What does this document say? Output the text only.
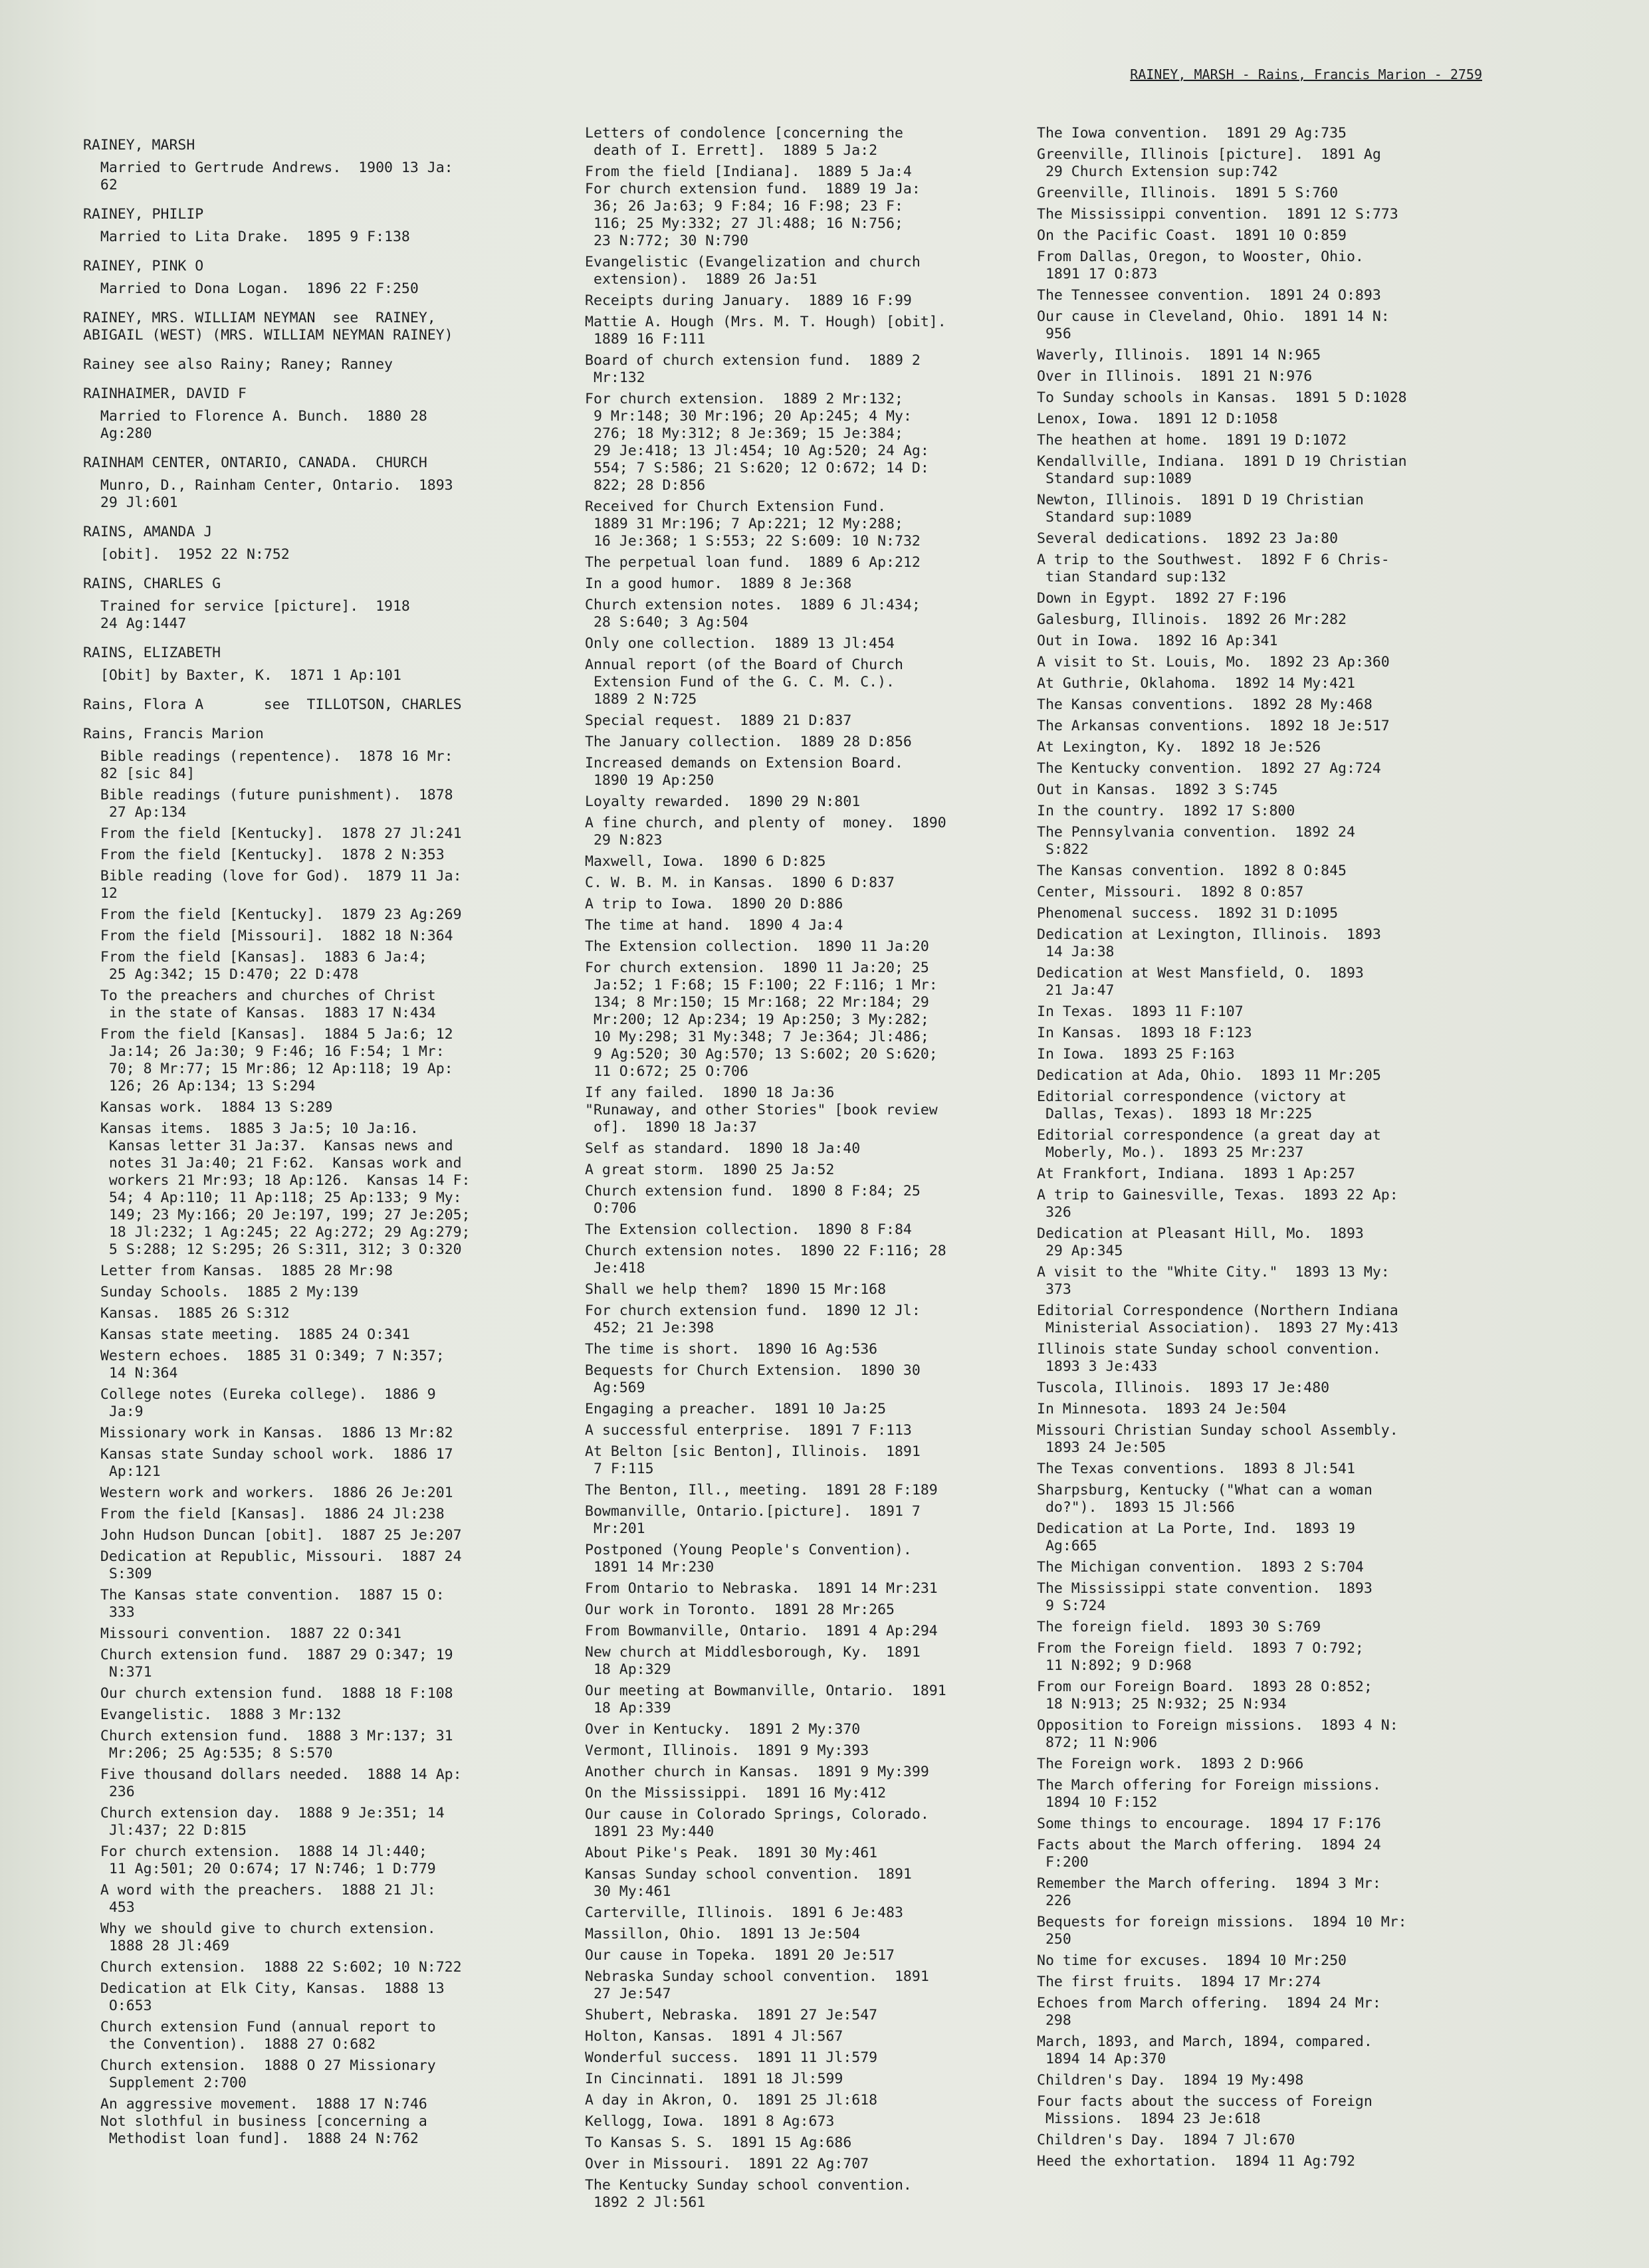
RAINEY, MARSH - Rains, Francis Marion - 2759
RAINEY, MARSH
Married to Gertrude Andrews.  1900 13 Ja:
62
RAINEY, PHILIP
Married to Lita Drake.  1895 9 F:138
RAINEY, PINK O
Married to Dona Logan.  1896 22 F:250
RAINEY, MRS. WILLIAM NEYMAN  see  RAINEY,
ABIGAIL (WEST) (MRS. WILLIAM NEYMAN RAINEY)
Rainey see also Rainy; Raney; Ranney
RAINHAIMER, DAVID F
Married to Florence A. Bunch.  1880 28
Ag:280
RAINHAM CENTER, ONTARIO, CANADA.  CHURCH
Munro, D., Rainham Center, Ontario.  1893
29 Jl:601
RAINS, AMANDA J
[obit].  1952 22 N:752
RAINS, CHARLES G
Trained for service [picture].  1918
24 Ag:1447
RAINS, ELIZABETH
[Obit] by Baxter, K.  1871 1 Ap:101
Rains, Flora A       see  TILLOTSON, CHARLES
Rains, Francis Marion
Bible readings (repentence).  1878 16 Mr:
82 [sic 84]
Bible readings (future punishment).  1878
27 Ap:134
From the field [Kentucky].  1878 27 Jl:241
From the field [Kentucky].  1878 2 N:353
Bible reading (love for God).  1879 11 Ja:
12
From the field [Kentucky].  1879 23 Ag:269
From the field [Missouri].  1882 18 N:364
From the field [Kansas].  1883 6 Ja:4;
25 Ag:342; 15 D:470; 22 D:478
To the preachers and churches of Christ
in the state of Kansas.  1883 17 N:434
From the field [Kansas].  1884 5 Ja:6; 12
Ja:14; 26 Ja:30; 9 F:46; 16 F:54; 1 Mr:
70; 8 Mr:77; 15 Mr:86; 12 Ap:118; 19 Ap:
126; 26 Ap:134; 13 S:294
Kansas work.  1884 13 S:289
Kansas items.  1885 3 Ja:5; 10 Ja:16.
Kansas letter 31 Ja:37.  Kansas news and
notes 31 Ja:40; 21 F:62.  Kansas work and
workers 21 Mr:93; 18 Ap:126.  Kansas 14 F:
54; 4 Ap:110; 11 Ap:118; 25 Ap:133; 9 My:
149; 23 My:166; 20 Je:197, 199; 27 Je:205;
18 Jl:232; 1 Ag:245; 22 Ag:272; 29 Ag:279;
5 S:288; 12 S:295; 26 S:311, 312; 3 O:320
Letter from Kansas.  1885 28 Mr:98
Sunday Schools.  1885 2 My:139
Kansas.  1885 26 S:312
Kansas state meeting.  1885 24 O:341
Western echoes.  1885 31 O:349; 7 N:357;
14 N:364
College notes (Eureka college).  1886 9
Ja:9
Missionary work in Kansas.  1886 13 Mr:82
Kansas state Sunday school work.  1886 17
Ap:121
Western work and workers.  1886 26 Je:201
From the field [Kansas].  1886 24 Jl:238
John Hudson Duncan [obit].  1887 25 Je:207
Dedication at Republic, Missouri.  1887 24
S:309
The Kansas state convention.  1887 15 O:
333
Missouri convention.  1887 22 O:341
Church extension fund.  1887 29 O:347; 19
N:371
Our church extension fund.  1888 18 F:108
Evangelistic.  1888 3 Mr:132
Church extension fund.  1888 3 Mr:137; 31
Mr:206; 25 Ag:535; 8 S:570
Five thousand dollars needed.  1888 14 Ap:
236
Church extension day.  1888 9 Je:351; 14
Jl:437; 22 D:815
For church extension.  1888 14 Jl:440;
11 Ag:501; 20 O:674; 17 N:746; 1 D:779
A word with the preachers.  1888 21 Jl:
453
Why we should give to church extension.
1888 28 Jl:469
Church extension.  1888 22 S:602; 10 N:722
Dedication at Elk City, Kansas.  1888 13
O:653
Church extension Fund (annual report to
the Convention).  1888 27 O:682
Church extension.  1888 O 27 Missionary
Supplement 2:700
An aggressive movement.  1888 17 N:746
Not slothful in business [concerning a
Methodist loan fund].  1888 24 N:762
Letters of condolence [concerning the
death of I. Errett].  1889 5 Ja:2
From the field [Indiana].  1889 5 Ja:4
For church extension fund.  1889 19 Ja:
36; 26 Ja:63; 9 F:84; 16 F:98; 23 F:
116; 25 My:332; 27 Jl:488; 16 N:756;
23 N:772; 30 N:790
Evangelistic (Evangelization and church
extension).  1889 26 Ja:51
Receipts during January.  1889 16 F:99
Mattie A. Hough (Mrs. M. T. Hough) [obit].
1889 16 F:111
Board of church extension fund.  1889 2
Mr:132
For church extension.  1889 2 Mr:132;
9 Mr:148; 30 Mr:196; 20 Ap:245; 4 My:
276; 18 My:312; 8 Je:369; 15 Je:384;
29 Je:418; 13 Jl:454; 10 Ag:520; 24 Ag:
554; 7 S:586; 21 S:620; 12 O:672; 14 D:
822; 28 D:856
Received for Church Extension Fund.
1889 31 Mr:196; 7 Ap:221; 12 My:288;
16 Je:368; 1 S:553; 22 S:609: 10 N:732
The perpetual loan fund.  1889 6 Ap:212
In a good humor.  1889 8 Je:368
Church extension notes.  1889 6 Jl:434;
28 S:640; 3 Ag:504
Only one collection.  1889 13 Jl:454
Annual report (of the Board of Church
Extension Fund of the G. C. M. C.).
1889 2 N:725
Special request.  1889 21 D:837
The January collection.  1889 28 D:856
Increased demands on Extension Board.
1890 19 Ap:250
Loyalty rewarded.  1890 29 N:801
A fine church, and plenty of  money.  1890
29 N:823
Maxwell, Iowa.  1890 6 D:825
C. W. B. M. in Kansas.  1890 6 D:837
A trip to Iowa.  1890 20 D:886
The time at hand.  1890 4 Ja:4
The Extension collection.  1890 11 Ja:20
For church extension.  1890 11 Ja:20; 25
Ja:52; 1 F:68; 15 F:100; 22 F:116; 1 Mr:
134; 8 Mr:150; 15 Mr:168; 22 Mr:184; 29
Mr:200; 12 Ap:234; 19 Ap:250; 3 My:282;
10 My:298; 31 My:348; 7 Je:364; Jl:486;
9 Ag:520; 30 Ag:570; 13 S:602; 20 S:620;
11 O:672; 25 O:706
If any failed.  1890 18 Ja:36
"Runaway, and other Stories" [book review
of].  1890 18 Ja:37
Self as standard.  1890 18 Ja:40
A great storm.  1890 25 Ja:52
Church extension fund.  1890 8 F:84; 25
O:706
The Extension collection.  1890 8 F:84
Church extension notes.  1890 22 F:116; 28
Je:418
Shall we help them?  1890 15 Mr:168
For church extension fund.  1890 12 Jl:
452; 21 Je:398
The time is short.  1890 16 Ag:536
Bequests for Church Extension.  1890 30
Ag:569
Engaging a preacher.  1891 10 Ja:25
A successful enterprise.  1891 7 F:113
At Belton [sic Benton], Illinois.  1891
7 F:115
The Benton, Ill., meeting.  1891 28 F:189
Bowmanville, Ontario.[picture].  1891 7
Mr:201
Postponed (Young People's Convention).
1891 14 Mr:230
From Ontario to Nebraska.  1891 14 Mr:231
Our work in Toronto.  1891 28 Mr:265
From Bowmanville, Ontario.  1891 4 Ap:294
New church at Middlesborough, Ky.  1891
18 Ap:329
Our meeting at Bowmanville, Ontario.  1891
18 Ap:339
Over in Kentucky.  1891 2 My:370
Vermont, Illinois.  1891 9 My:393
Another church in Kansas.  1891 9 My:399
On the Mississippi.  1891 16 My:412
Our cause in Colorado Springs, Colorado.
1891 23 My:440
About Pike's Peak.  1891 30 My:461
Kansas Sunday school convention.  1891
30 My:461
Carterville, Illinois.  1891 6 Je:483
Massillon, Ohio.  1891 13 Je:504
Our cause in Topeka.  1891 20 Je:517
Nebraska Sunday school convention.  1891
27 Je:547
Shubert, Nebraska.  1891 27 Je:547
Holton, Kansas.  1891 4 Jl:567
Wonderful success.  1891 11 Jl:579
In Cincinnati.  1891 18 Jl:599
A day in Akron, O.  1891 25 Jl:618
Kellogg, Iowa.  1891 8 Ag:673
To Kansas S. S.  1891 15 Ag:686
Over in Missouri.  1891 22 Ag:707
The Kentucky Sunday school convention.
1892 2 Jl:561
The Iowa convention.  1891 29 Ag:735
Greenville, Illinois [picture].  1891 Ag
29 Church Extension sup:742
Greenville, Illinois.  1891 5 S:760
The Mississippi convention.  1891 12 S:773
On the Pacific Coast.  1891 10 O:859
From Dallas, Oregon, to Wooster, Ohio.
1891 17 O:873
The Tennessee convention.  1891 24 O:893
Our cause in Cleveland, Ohio.  1891 14 N:
956
Waverly, Illinois.  1891 14 N:965
Over in Illinois.  1891 21 N:976
To Sunday schools in Kansas.  1891 5 D:1028
Lenox, Iowa.  1891 12 D:1058
The heathen at home.  1891 19 D:1072
Kendallville, Indiana.  1891 D 19 Christian
Standard sup:1089
Newton, Illinois.  1891 D 19 Christian
Standard sup:1089
Several dedications.  1892 23 Ja:80
A trip to the Southwest.  1892 F 6 Chris-
tian Standard sup:132
Down in Egypt.  1892 27 F:196
Galesburg, Illinois.  1892 26 Mr:282
Out in Iowa.  1892 16 Ap:341
A visit to St. Louis, Mo.  1892 23 Ap:360
At Guthrie, Oklahoma.  1892 14 My:421
The Kansas conventions.  1892 28 My:468
The Arkansas conventions.  1892 18 Je:517
At Lexington, Ky.  1892 18 Je:526
The Kentucky convention.  1892 27 Ag:724
Out in Kansas.  1892 3 S:745
In the country.  1892 17 S:800
The Pennsylvania convention.  1892 24
S:822
The Kansas convention.  1892 8 O:845
Center, Missouri.  1892 8 O:857
Phenomenal success.  1892 31 D:1095
Dedication at Lexington, Illinois.  1893
14 Ja:38
Dedication at West Mansfield, O.  1893
21 Ja:47
In Texas.  1893 11 F:107
In Kansas.  1893 18 F:123
In Iowa.  1893 25 F:163
Dedication at Ada, Ohio.  1893 11 Mr:205
Editorial correspondence (victory at
Dallas, Texas).  1893 18 Mr:225
Editorial correspondence (a great day at
Moberly, Mo.).  1893 25 Mr:237
At Frankfort, Indiana.  1893 1 Ap:257
A trip to Gainesville, Texas.  1893 22 Ap:
326
Dedication at Pleasant Hill, Mo.  1893
29 Ap:345
A visit to the "White City."  1893 13 My:
373
Editorial Correspondence (Northern Indiana
Ministerial Association).  1893 27 My:413
Illinois state Sunday school convention.
1893 3 Je:433
Tuscola, Illinois.  1893 17 Je:480
In Minnesota.  1893 24 Je:504
Missouri Christian Sunday school Assembly.
1893 24 Je:505
The Texas conventions.  1893 8 Jl:541
Sharpsburg, Kentucky ("What can a woman
do?").  1893 15 Jl:566
Dedication at La Porte, Ind.  1893 19
Ag:665
The Michigan convention.  1893 2 S:704
The Mississippi state convention.  1893
9 S:724
The foreign field.  1893 30 S:769
From the Foreign field.  1893 7 O:792;
11 N:892; 9 D:968
From our Foreign Board.  1893 28 O:852;
18 N:913; 25 N:932; 25 N:934
Opposition to Foreign missions.  1893 4 N:
872; 11 N:906
The Foreign work.  1893 2 D:966
The March offering for Foreign missions.
1894 10 F:152
Some things to encourage.  1894 17 F:176
Facts about the March offering.  1894 24
F:200
Remember the March offering.  1894 3 Mr:
226
Bequests for foreign missions.  1894 10 Mr:
250
No time for excuses.  1894 10 Mr:250
The first fruits.  1894 17 Mr:274
Echoes from March offering.  1894 24 Mr:
298
March, 1893, and March, 1894, compared.
1894 14 Ap:370
Children's Day.  1894 19 My:498
Four facts about the success of Foreign
Missions.  1894 23 Je:618
Children's Day.  1894 7 Jl:670
Heed the exhortation.  1894 11 Ag:792
